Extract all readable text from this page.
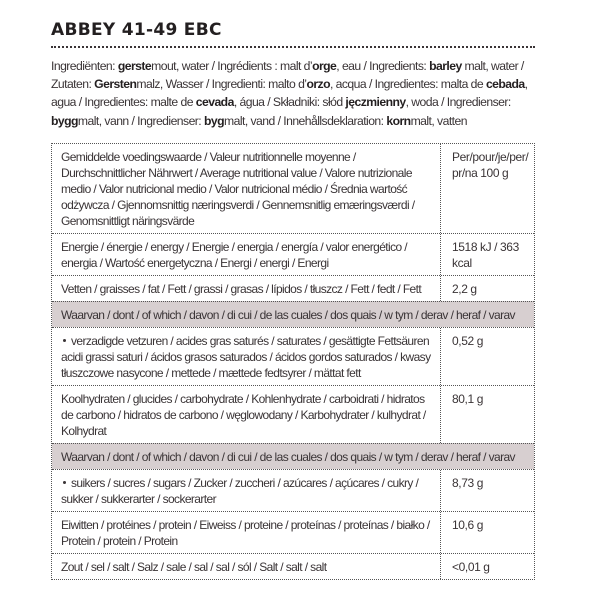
ABBEY 41-49 EBC
Ingrediënten: gerstemout, water / Ingrédients : malt d’orge, eau / Ingredients: barley malt, water / Zutaten: Gerstenmalz, Wasser / Ingredienti: malto d’orzo, acqua / Ingredientes: malta de cebada, agua / Ingredientes: malte de cevada, água / Składniki: słód jęczmienny, woda / Ingredienser: byggmalt, vann / Ingredienser: bygmalt, vand / Innehållsdeklaration: kornmalt, vatten
Gemiddelde voedingswaarde / Valeur nutritionnelle moyenne / Durchschnittlicher Nährwert / Average nutritional value / Valore nutrizionale medio / Valor nutricional medio / Valor nutricional médio / Średnia wartość odżywcza / Gjennomsnittig næringsverdi / Gennemsnitlig emæringsværdi / Genomsnittligt näringsvärde
Per/pour/je/per/ pr/na 100 g
Energie / énergie / energy / Energie / energia / energía / valor energético / energia / Wartość energetyczna / Energi / energi / Energi
1518 kJ / 363 kcal
Vetten / graisses / fat / Fett / grassi / grasas / lípidos / tłuszcz / Fett / fedt / Fett	2,2 g
Waarvan / dont / of which / davon / di cui / de las cuales / dos quais / w tym / derav / heraf / varav
verzadigde vetzuren / acides gras saturés / saturates / gesättigte Fettsäuren acidi grassi saturi / ácidos grasos saturados / ácidos gordos saturados / kwasy tłuszczowe nasycone / mettede / mættede fedtsyrer / mättat fett
0,52 g
Koolhydraten / glucides / carbohydrate / Kohlenhydrate / carboidrati / hidratos de carbono / hidratos de carbono / węglowodany / Karbohydrater / kulhydrat / Kolhydrat
80,1 g
Waarvan / dont / of which / davon / di cui / de las cuales / dos quais / w tym / derav / heraf / varav
suikers / sucres / sugars / Zucker / zuccheri / azúcares / açúcares / cukry / sukker / sukkerarter / sockerarter
8,73 g
Eiwitten / protéines / protein / Eiweiss / proteine / proteínas / proteínas / białko / Protein / protein / Protein
10,6 g
Zout / sel / salt / Salz / sale / sal / sal / sól / Salt / salt / salt	<0,01 g
